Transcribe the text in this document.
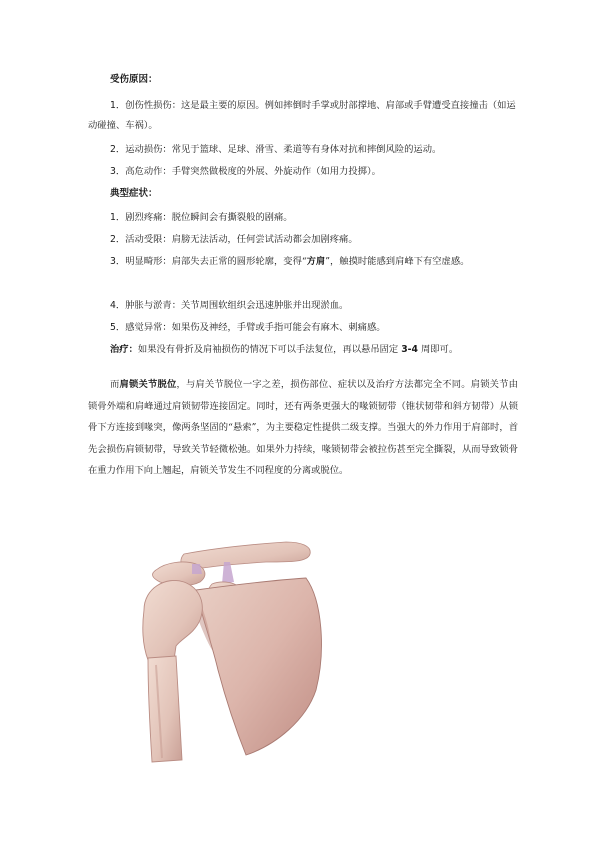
受伤原因：
1．创伤性损伤：这是最主要的原因。例如摔倒时手掌或肘部撑地、肩部或手臂遭受直接撞击（如运动碰撞、车祸）。
2．运动损伤：常见于篮球、足球、滑雪、柔道等有身体对抗和摔倒风险的运动。
3．高危动作：手臂突然做极度的外展、外旋动作（如用力投掷）。
典型症状：
1．剧烈疼痛：脱位瞬间会有撕裂般的剧痛。
2．活动受限：肩膀无法活动，任何尝试活动都会加剧疼痛。
3．明显畸形：肩部失去正常的圆形轮廓，变得“方肩”，触摸时能感到肩峰下有空虚感。
4．肿胀与淤青：关节周围软组织会迅速肿胀并出现淤血。
5．感觉异常：如果伤及神经，手臂或手指可能会有麻木、刺痛感。
治疗：如果没有骨折及肩袖损伤的情况下可以手法复位，再以悬吊固定 3-4 周即可。
而肩锁关节脱位，与肩关节脱位一字之差，损伤部位、症状以及治疗方法都完全不同。肩锁关节由锁骨外端和肩峰通过肩锁韧带连接固定。同时，还有两条更强大的喙锁韧带（锥状韧带和斜方韧带）从锁骨下方连接到喙突，像两条坚固的“悬索”，为主要稳定性提供二级支撑。当强大的外力作用于肩部时，首先会损伤肩锁韧带，导致关节轻微松弛。如果外力持续，喙锁韧带会被拉伤甚至完全撕裂，从而导致锁骨在重力作用下向上翘起，肩锁关节发生不同程度的分离或脱位。
